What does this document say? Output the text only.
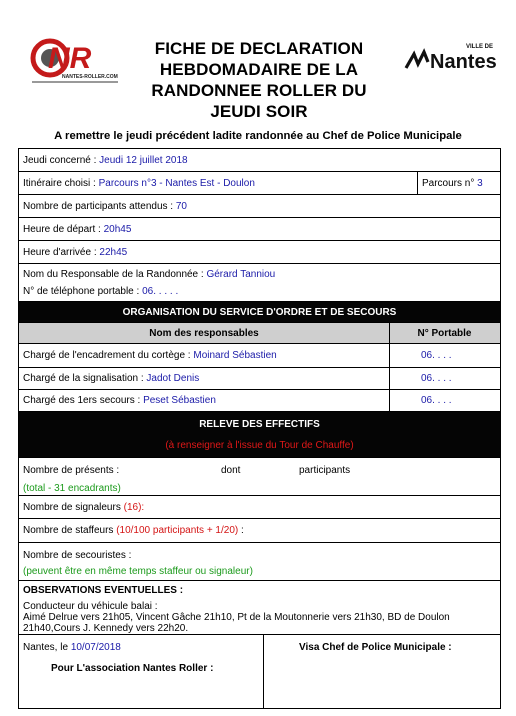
NR
NANTES-ROLLER.COM
FICHE DE DECLARATION
HEBDOMADAIRE DE LA
RANDONNEE ROLLER DU
JEUDI SOIR
VILLE DE
Nantes
A remettre le jeudi précédent ladite randonnée au Chef de Police Municipale
Jeudi concerné : Jeudi 12 juillet 2018
Itinéraire choisi : Parcours n°3 - Nantes Est - Doulon	Parcours n° 3
Nombre de participants attendus : 70
Heure de départ : 20h45
Heure d'arrivée : 22h45
Nom du Responsable de la Randonnée : Gérard Tanniou
N° de téléphone portable : 06. . . . .
ORGANISATION DU SERVICE D'ORDRE ET DE SECOURS
Nom des responsables	N° Portable
Chargé de l'encadrement du cortège : Moinard Sébastien	06. . . .
Chargé de la signalisation : Jadot Denis	06. . . .
Chargé des 1ers secours : Peset Sébastien	06. . . .
RELEVE DES EFFECTIFS
(à renseigner à l'issue du Tour de Chauffe)
Nombre de présents :	dont	participants
(total - 31 encadrants)
Nombre de signaleurs (16):
Nombre de staffeurs (10/100 participants + 1/20) :
Nombre de secouristes :
(peuvent être en même temps staffeur ou signaleur)
OBSERVATIONS EVENTUELLES :
Conducteur du véhicule balai :
Aimé Delrue vers 21h05, Vincent Gâche 21h10, Pt de la Moutonnerie vers 21h30, BD de Doulon
21h40,Cours J. Kennedy vers 22h20.
Nantes, le 10/07/2018
Pour L'association Nantes Roller :
Visa Chef de Police Municipale :
